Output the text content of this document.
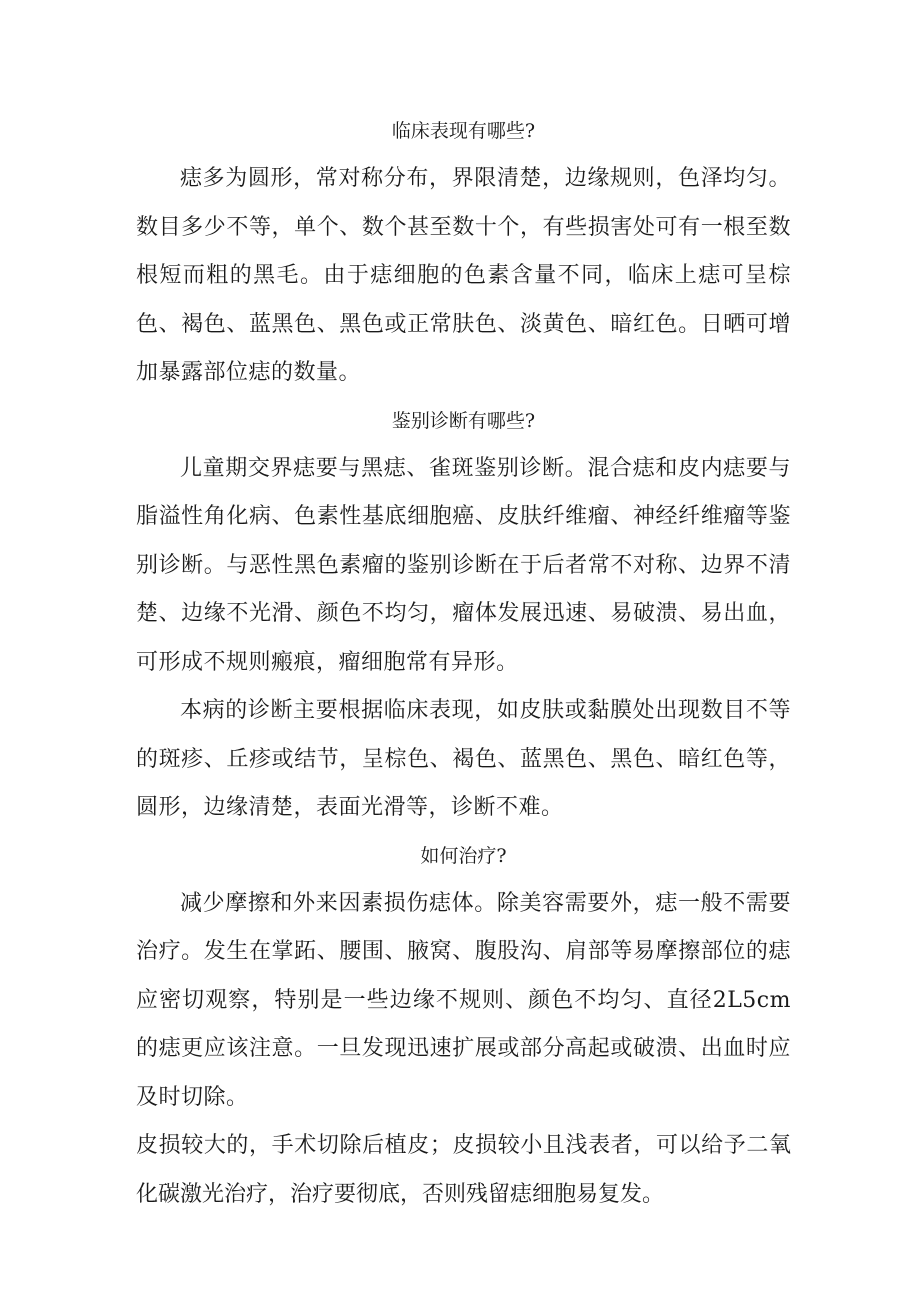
临床表现有哪些?

痣多为圆形，常对称分布，界限清楚，边缘规则，色泽均匀。数目多少不等，单个、数个甚至数十个，有些损害处可有一根至数根短而粗的黑毛。由于痣细胞的色素含量不同，临床上痣可呈棕色、褐色、蓝黑色、黑色或正常肤色、淡黄色、暗红色。日晒可增加暴露部位痣的数量。

鉴别诊断有哪些?

儿童期交界痣要与黑痣、雀斑鉴别诊断。混合痣和皮内痣要与脂溢性角化病、色素性基底细胞癌、皮肤纤维瘤、神经纤维瘤等鉴别诊断。与恶性黑色素瘤的鉴别诊断在于后者常不对称、边界不清楚、边缘不光滑、颜色不均匀，瘤体发展迅速、易破溃、易出血，可形成不规则瘢痕，瘤细胞常有异形。

本病的诊断主要根据临床表现，如皮肤或黏膜处出现数目不等的斑疹、丘疹或结节，呈棕色、褐色、蓝黑色、黑色、暗红色等，圆形，边缘清楚，表面光滑等，诊断不难。

如何治疗?

减少摩擦和外来因素损伤痣体。除美容需要外，痣一般不需要治疗。发生在掌跖、腰围、腋窝、腹股沟、肩部等易摩擦部位的痣应密切观察，特别是一些边缘不规则、颜色不均匀、直径2L5cm的痣更应该注意。一旦发现迅速扩展或部分高起或破溃、出血时应及时切除。

皮损较大的，手术切除后植皮；皮损较小且浅表者，可以给予二氧化碳激光治疗，治疗要彻底，否则残留痣细胞易复发。
